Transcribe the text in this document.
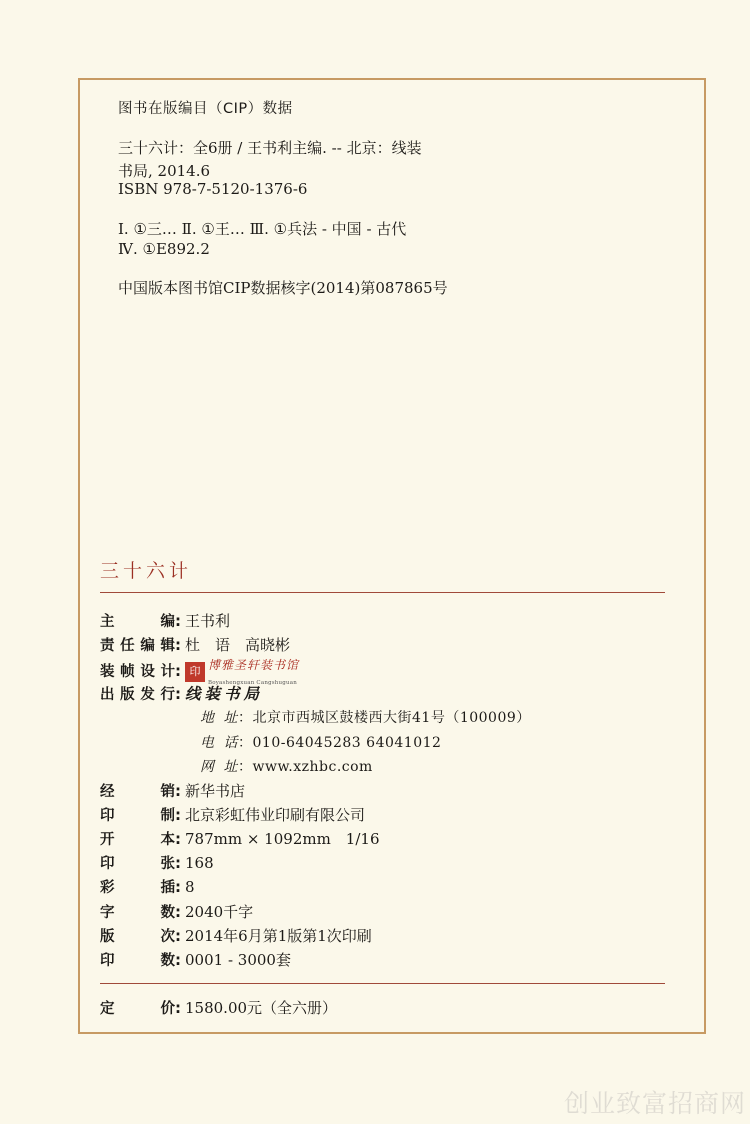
图书在版编目（CIP）数据
三十六计：全6册 / 王书利主编. -- 北京：线装
书局, 2014.6
ISBN 978-7-5120-1376-6
Ⅰ. ①三… Ⅱ. ①王… Ⅲ. ①兵法 - 中国 - 古代
Ⅳ. ①E892.2
中国版本图书馆CIP数据核字(2014)第087865号
三十六计
主编: 王书利
责任编辑: 杜　语　高晓彬
装帧设计: 印 博雅圣轩装书馆
Boyashengxuan Cangshuguan
出版发行: 线装书局
地址：北京市西城区鼓楼西大街41号（100009）
电话：010-64045283 64041012
网址：www.xzhbc.com
经销: 新华书店
印制: 北京彩虹伟业印刷有限公司
开本: 787mm × 1092mm　1/16
印张: 168
彩插: 8
字数: 2040千字
版次: 2014年6月第1版第1次印刷
印数: 0001 - 3000套
定价: 1580.00元（全六册）
创业致富招商网
